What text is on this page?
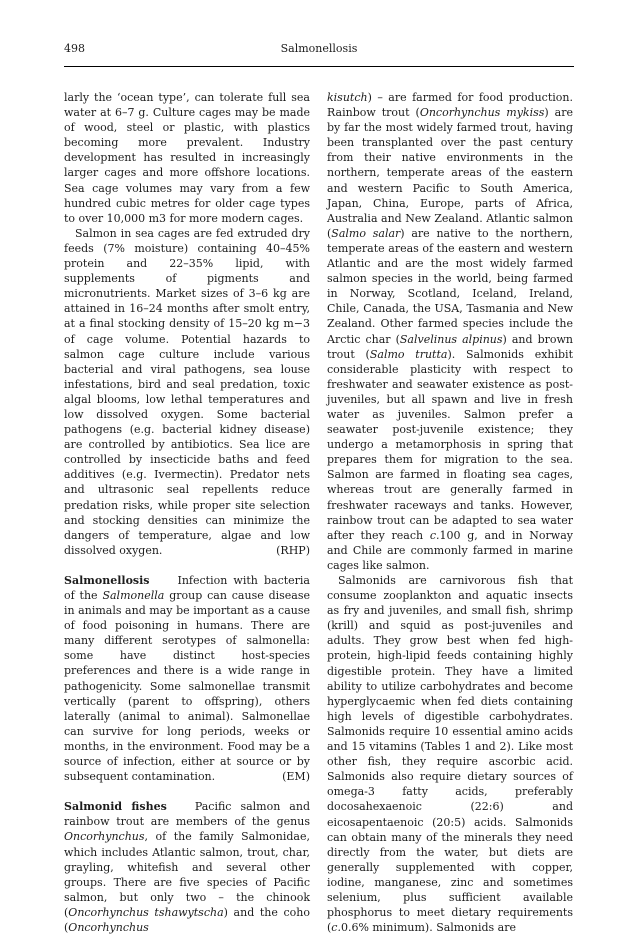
498	Salmonellosis

larly the ‘ocean type’, can tolerate full sea water at 6–7 g. Culture cages may be made of wood, steel or plastic, with plastics becoming more prevalent. Industry development has resulted in increasingly larger cages and more offshore locations. Sea cage volumes may vary from a few hundred cubic metres for older cage types to over 10,000 m3 for more modern cages.

Salmon in sea cages are fed extruded dry feeds (7% moisture) containing 40–45% protein and 22–35% lipid, with supplements of pigments and micronutrients. Market sizes of 3–6 kg are attained in 16–24 months after smolt entry, at a final stocking density of 15–20 kg m−3 of cage volume. Potential hazards to salmon cage culture include various bacterial and viral pathogens, sea louse infestations, bird and seal predation, toxic algal blooms, low lethal temperatures and low dissolved oxygen. Some bacterial pathogens (e.g. bacterial kidney disease) are controlled by antibiotics. Sea lice are controlled by insecticide baths and feed additives (e.g. Ivermectin). Predator nets and ultrasonic seal repellents reduce predation risks, while proper site selection and stocking densities can minimize the dangers of temperature, algae and low dissolved oxygen.	(RHP)

Salmonellosis	Infection with bacteria of the Salmonella group can cause disease in animals and may be important as a cause of food poisoning in humans. There are many different serotypes of salmonella: some have distinct host-species preferences and there is a wide range in pathogenicity. Some salmonellae transmit vertically (parent to offspring), others laterally (animal to animal). Salmonellae can survive for long periods, weeks or months, in the environment. Food may be a source of infection, either at source or by subsequent contamination.	(EM)

Salmonid fishes	Pacific salmon and rainbow trout are members of the genus Oncorhynchus, of the family Salmonidae, which includes Atlantic salmon, trout, char, grayling, whitefish and several other groups. There are five species of Pacific salmon, but only two – the chinook (Oncorhynchus tshawytscha) and the coho (Oncorhynchus

kisutch) – are farmed for food production. Rainbow trout (Oncorhynchus mykiss) are by far the most widely farmed trout, having been transplanted over the past century from their native environments in the northern, temperate areas of the eastern and western Pacific to South America, Japan, China, Europe, parts of Africa, Australia and New Zealand. Atlantic salmon (Salmo salar) are native to the northern, temperate areas of the eastern and western Atlantic and are the most widely farmed salmon species in the world, being farmed in Norway, Scotland, Iceland, Ireland, Chile, Canada, the USA, Tasmania and New Zealand. Other farmed species include the Arctic char (Salvelinus alpinus) and brown trout (Salmo trutta). Salmonids exhibit considerable plasticity with respect to freshwater and seawater existence as post-juveniles, but all spawn and live in fresh water as juveniles. Salmon prefer a seawater post-juvenile existence; they undergo a metamorphosis in spring that prepares them for migration to the sea. Salmon are farmed in floating sea cages, whereas trout are generally farmed in freshwater raceways and tanks. However, rainbow trout can be adapted to sea water after they reach c.100 g, and in Norway and Chile are commonly farmed in marine cages like salmon.

Salmonids are carnivorous fish that consume zooplankton and aquatic insects as fry and juveniles, and small fish, shrimp (krill) and squid as post-juveniles and adults. They grow best when fed high-protein, high-lipid feeds containing highly digestible protein. They have a limited ability to utilize carbohydrates and become hyperglycaemic when fed diets containing high levels of digestible carbohydrates. Salmonids require 10 essential amino acids and 15 vitamins (Tables 1 and 2). Like most other fish, they require ascorbic acid. Salmonids also require dietary sources of omega-3 fatty acids, preferably docosahexaenoic (22:6) and eicosapentaenoic (20:5) acids. Salmonids can obtain many of the minerals they need directly from the water, but diets are generally supplemented with copper, iodine, manganese, zinc and sometimes selenium, plus sufficient available phosphorus to meet dietary requirements (c.0.6% minimum). Salmonids are
